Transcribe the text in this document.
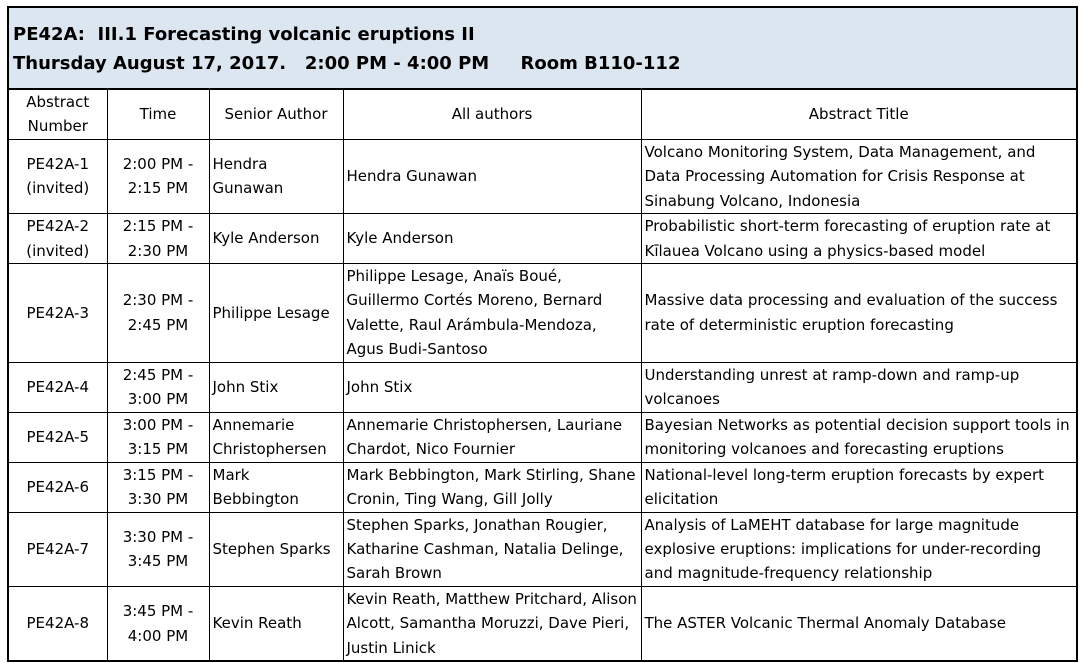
PE42A:  III.1 Forecasting volcanic eruptions II
Thursday August 17, 2017.   2:00 PM - 4:00 PM     Room B110-112
Abstract
Number	Time	Senior Author	All authors	Abstract Title
PE42A-1
(invited)	2:00 PM -
2:15 PM	Hendra
Gunawan	Hendra Gunawan	Volcano Monitoring System, Data Management, and Data Processing Automation for Crisis Response at Sinabung Volcano, Indonesia
PE42A-2
(invited)	2:15 PM -
2:30 PM	Kyle Anderson	Kyle Anderson	Probabilistic short-term forecasting of eruption rate at Kīlauea Volcano using a physics-based model
PE42A-3	2:30 PM -
2:45 PM	Philippe Lesage	Philippe Lesage, Anaïs Boué, Guillermo Cortés Moreno, Bernard Valette, Raul Arámbula-Mendoza, Agus Budi-Santoso	Massive data processing and evaluation of the success rate of deterministic eruption forecasting
PE42A-4	2:45 PM -
3:00 PM	John Stix	John Stix	Understanding unrest at ramp-down and ramp-up volcanoes
PE42A-5	3:00 PM -
3:15 PM	Annemarie
Christophersen	Annemarie Christophersen, Lauriane Chardot, Nico Fournier	Bayesian Networks as potential decision support tools in monitoring volcanoes and forecasting eruptions
PE42A-6	3:15 PM -
3:30 PM	Mark
Bebbington	Mark Bebbington, Mark Stirling, Shane Cronin, Ting Wang, Gill Jolly	National-level long-term eruption forecasts by expert elicitation
PE42A-7	3:30 PM -
3:45 PM	Stephen Sparks	Stephen Sparks, Jonathan Rougier, Katharine Cashman, Natalia Delinge, Sarah Brown	Analysis of LaMEHT database for large magnitude explosive eruptions: implications for under-recording and magnitude-frequency relationship
PE42A-8	3:45 PM -
4:00 PM	Kevin Reath	Kevin Reath, Matthew Pritchard, Alison Alcott, Samantha Moruzzi, Dave Pieri, Justin Linick	The ASTER Volcanic Thermal Anomaly Database
